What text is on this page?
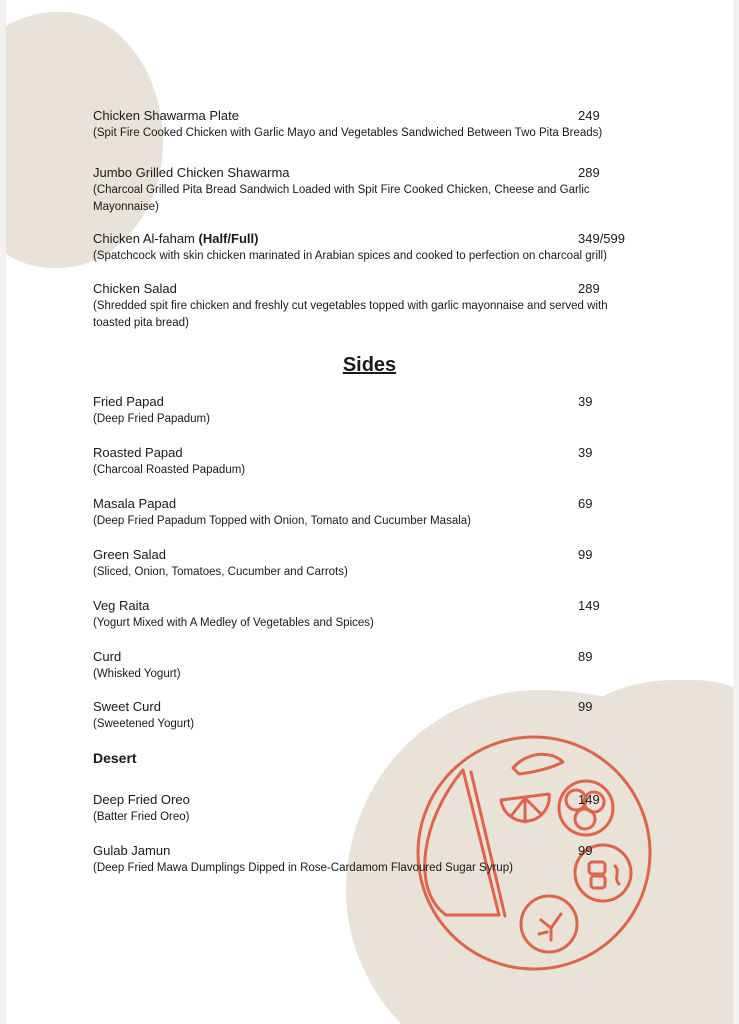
Chicken Shawarma Plate
(Spit Fire Cooked Chicken with Garlic Mayo and Vegetables Sandwiched Between Two Pita Breads)
249
Jumbo Grilled Chicken Shawarma
(Charcoal Grilled Pita Bread Sandwich Loaded with Spit Fire Cooked Chicken, Cheese and Garlic Mayonnaise)
289
Chicken Al-faham (Half/Full)
(Spatchcock with skin chicken marinated in Arabian spices and cooked to perfection on charcoal grill)
349/599
Chicken Salad
(Shredded spit fire chicken and freshly cut vegetables topped with garlic mayonnaise and served with toasted pita bread)
289
Sides
Fried Papad
(Deep Fried Papadum)
39
Roasted Papad
(Charcoal Roasted Papadum)
39
Masala Papad
(Deep Fried Papadum Topped with Onion, Tomato and Cucumber Masala)
69
Green Salad
(Sliced, Onion, Tomatoes, Cucumber and Carrots)
99
Veg Raita
(Yogurt Mixed with A Medley of Vegetables and Spices)
149
Curd
(Whisked Yogurt)
89
Sweet Curd
(Sweetened Yogurt)
99
Desert
Deep Fried Oreo
(Batter Fried Oreo)
149
Gulab Jamun
(Deep Fried Mawa Dumplings Dipped in Rose-Cardamom Flavoured Sugar Syrup)
99
